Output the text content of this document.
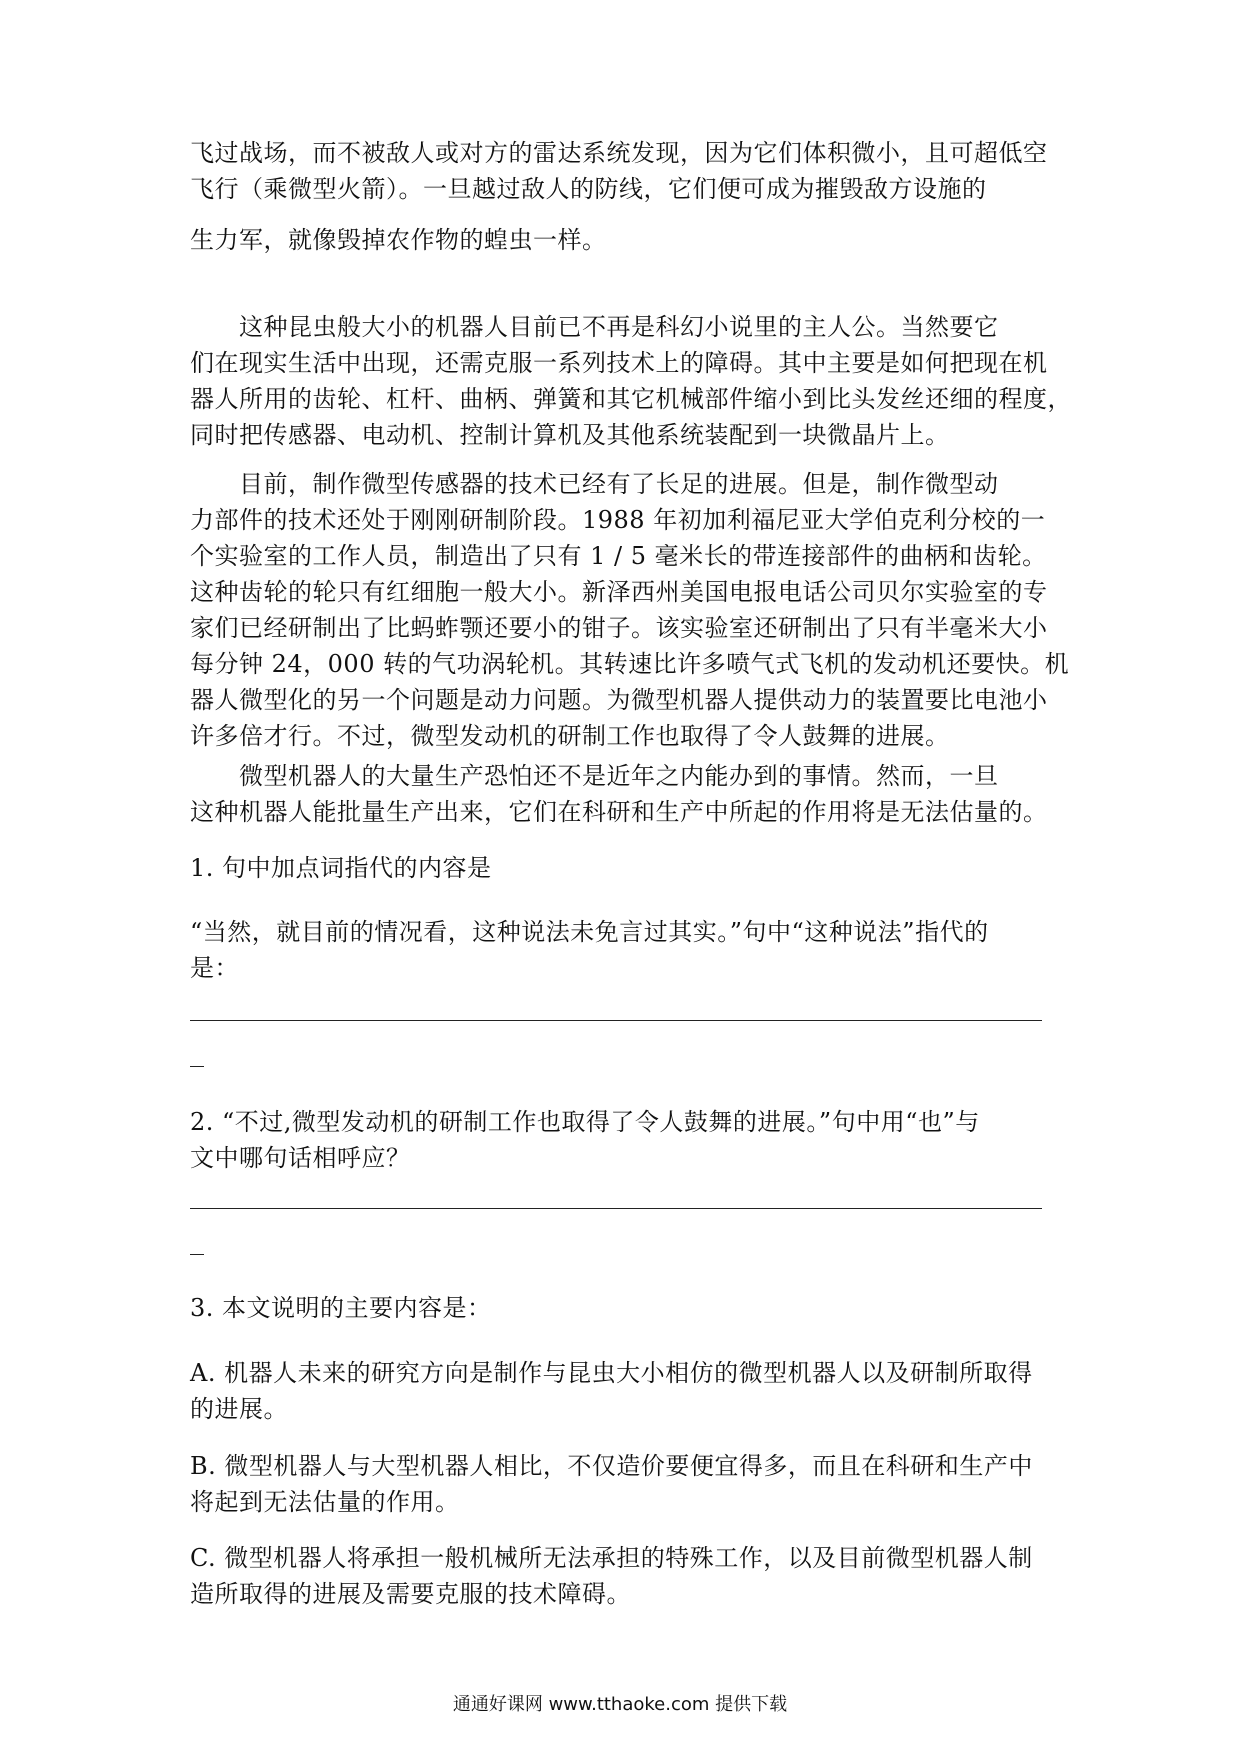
飞过战场，而不被敌人或对方的雷达系统发现，因为它们体积微小，且可超低空
飞行（乘微型火箭）。一旦越过敌人的防线，它们便可成为摧毁敌方设施的
生力军，就像毁掉农作物的蝗虫一样。
　　这种昆虫般大小的机器人目前已不再是科幻小说里的主人公。当然要它
们在现实生活中出现，还需克服一系列技术上的障碍。其中主要是如何把现在机
器人所用的齿轮、杠杆、曲柄、弹簧和其它机械部件缩小到比头发丝还细的程度，
同时把传感器、电动机、控制计算机及其他系统装配到一块微晶片上。
　　目前，制作微型传感器的技术已经有了长足的进展。但是，制作微型动
力部件的技术还处于刚刚研制阶段。1988 年初加利福尼亚大学伯克利分校的一
个实验室的工作人员，制造出了只有 1 / 5 毫米长的带连接部件的曲柄和齿轮。
这种齿轮的轮只有红细胞一般大小。新泽西州美国电报电话公司贝尔实验室的专
家们已经研制出了比蚂蚱颚还要小的钳子。该实验室还研制出了只有半毫米大小
每分钟 24，000 转的气功涡轮机。其转速比许多喷气式飞机的发动机还要快。机
器人微型化的另一个问题是动力问题。为微型机器人提供动力的装置要比电池小
许多倍才行。不过，微型发动机的研制工作也取得了令人鼓舞的进展。
　　微型机器人的大量生产恐怕还不是近年之内能办到的事情。然而，一旦
这种机器人能批量生产出来，它们在科研和生产中所起的作用将是无法估量的。
1. 句中加点词指代的内容是
“当然，就目前的情况看，这种说法未免言过其实。”句中“这种说法”指代的
是：
2. “不过,微型发动机的研制工作也取得了令人鼓舞的进展。”句中用“也”与
文中哪句话相呼应？
3. 本文说明的主要内容是：
A. 机器人未来的研究方向是制作与昆虫大小相仿的微型机器人以及研制所取得
的进展。
B. 微型机器人与大型机器人相比，不仅造价要便宜得多，而且在科研和生产中
将起到无法估量的作用。
C. 微型机器人将承担一般机械所无法承担的特殊工作，以及目前微型机器人制
造所取得的进展及需要克服的技术障碍。
通通好课网 www.tthaoke.com 提供下载
